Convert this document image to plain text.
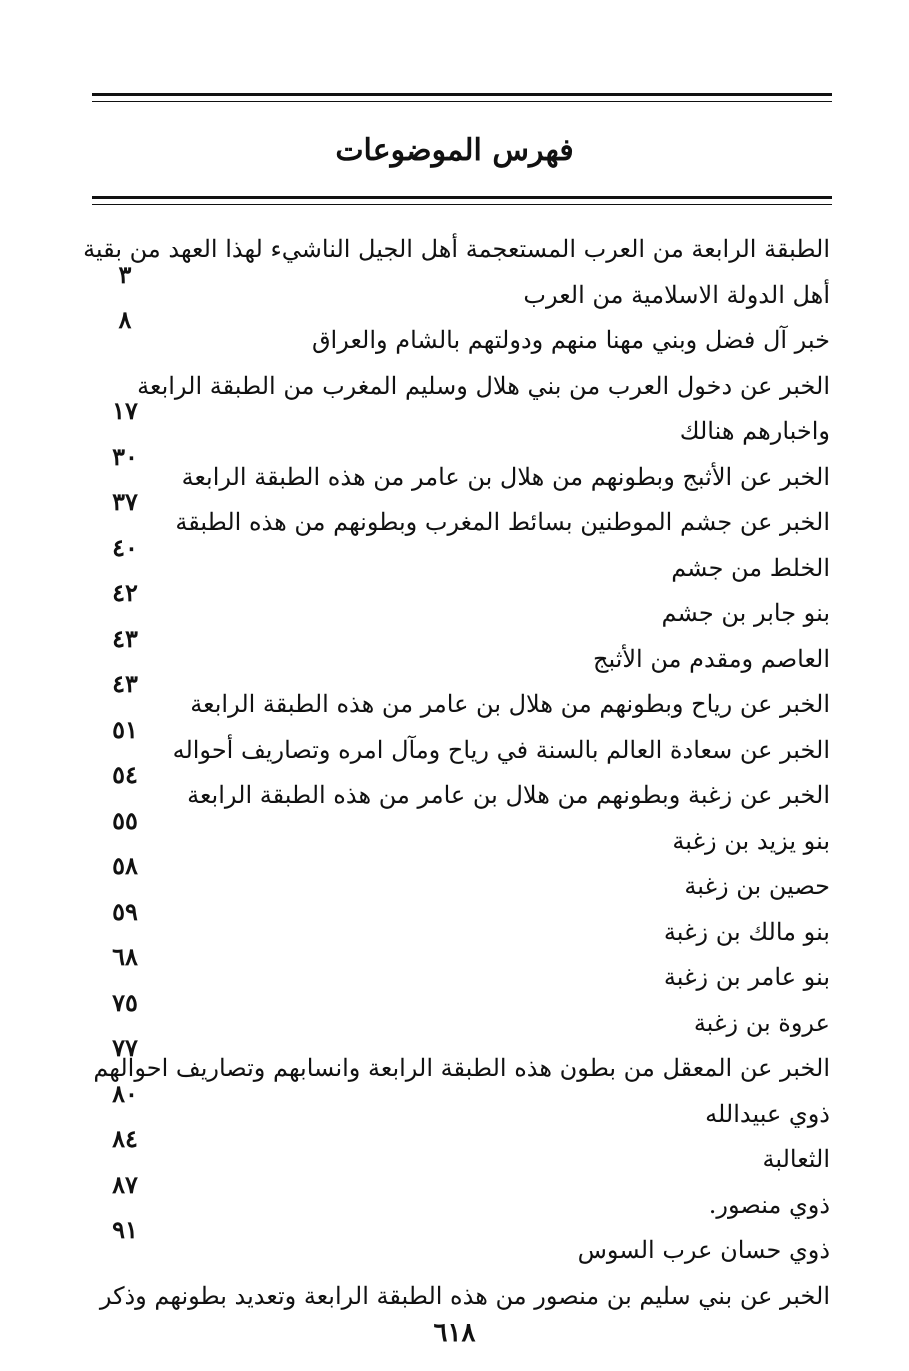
فهرس الموضوعات
الطبقة الرابعة من العرب المستعجمة أهل الجيل الناشيء لهذا العهد من بقية
أهل الدولة الاسلامية من العرب
٣
خبر آل فضل وبني مهنا منهم ودولتهم بالشام والعراق
٨
الخبر عن دخول العرب من بني هلال وسليم المغرب من الطبقة الرابعة
واخبارهم هنالك
١٧
الخبر عن الأثبج وبطونهم من هلال بن عامر من هذه الطبقة الرابعة
٣٠
الخبر عن جشم الموطنين بسائط المغرب وبطونهم من هذه الطبقة
٣٧
الخلط من جشم
٤٠
بنو جابر بن جشم
٤٢
العاصم ومقدم من الأثبج
٤٣
الخبر عن رياح وبطونهم من هلال بن عامر من هذه الطبقة الرابعة
٤٣
الخبر عن سعادة العالم بالسنة في رياح ومآل امره وتصاريف أحواله
٥١
الخبر عن زغبة وبطونهم من هلال بن عامر من هذه الطبقة الرابعة
٥٤
بنو يزيد بن زغبة
٥٥
حصين بن زغبة
٥٨
بنو مالك بن زغبة
٥٩
بنو عامر بن زغبة
٦٨
عروة بن زغبة
٧٥
الخبر عن المعقل من بطون هذه الطبقة الرابعة وانسابهم وتصاريف احوالهم
٧٧
ذوي عبيدالله
٨٠
الثعالبة
٨٤
ذوي منصور.
٨٧
ذوي حسان عرب السوس
٩١
الخبر عن بني سليم بن منصور من هذه الطبقة الرابعة وتعديد بطونهم وذكر
٦١٨
